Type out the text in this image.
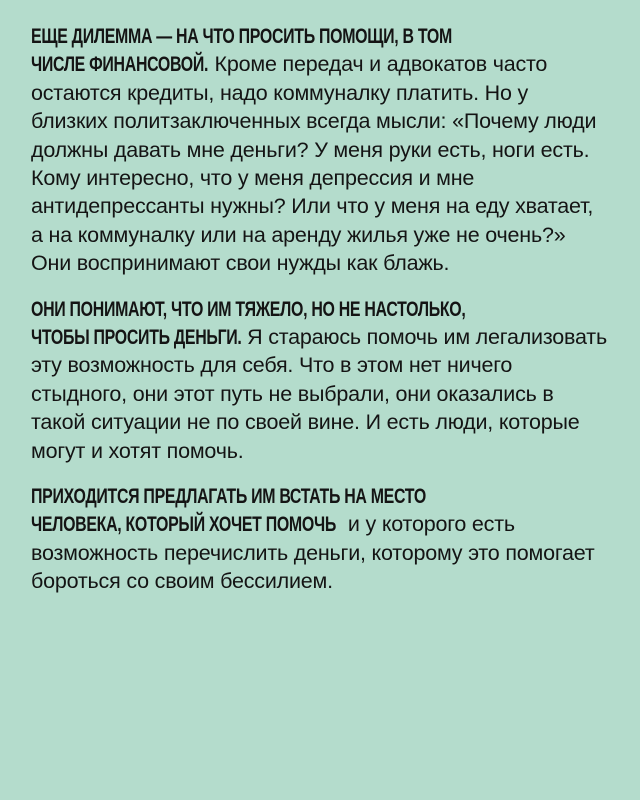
ЕЩЕ ДИЛЕММА — НА ЧТО ПРОСИТЬ ПОМОЩИ, В ТОМ
ЧИСЛЕ ФИНАНСОВОЙ. Кроме передач и адвокатов часто остаются кредиты, надо коммуналку платить. Но у близких политзаключенных всегда мысли: «Почему люди должны давать мне деньги? У меня руки есть, ноги есть. Кому интересно, что у меня депрессия и мне антидепрессанты нужны? Или что у меня на еду хватает, а на коммуналку или на аренду жилья уже не очень?» Они воспринимают свои нужды как блажь.

ОНИ ПОНИМАЮТ, ЧТО ИМ ТЯЖЕЛО, НО НЕ НАСТОЛЬКО,
ЧТОБЫ ПРОСИТЬ ДЕНЬГИ. Я стараюсь помочь им легализовать эту возможность для себя. Что в этом нет ничего стыдного, они этот путь не выбрали, они оказались в такой ситуации не по своей вине. И есть люди, которые могут и хотят помочь.

ПРИХОДИТСЯ ПРЕДЛАГАТЬ ИМ ВСТАТЬ НА МЕСТО
ЧЕЛОВЕКА, КОТОРЫЙ ХОЧЕТ ПОМОЧЬ и у которого есть возможность перечислить деньги, которому это помогает бороться со своим бессилием.
